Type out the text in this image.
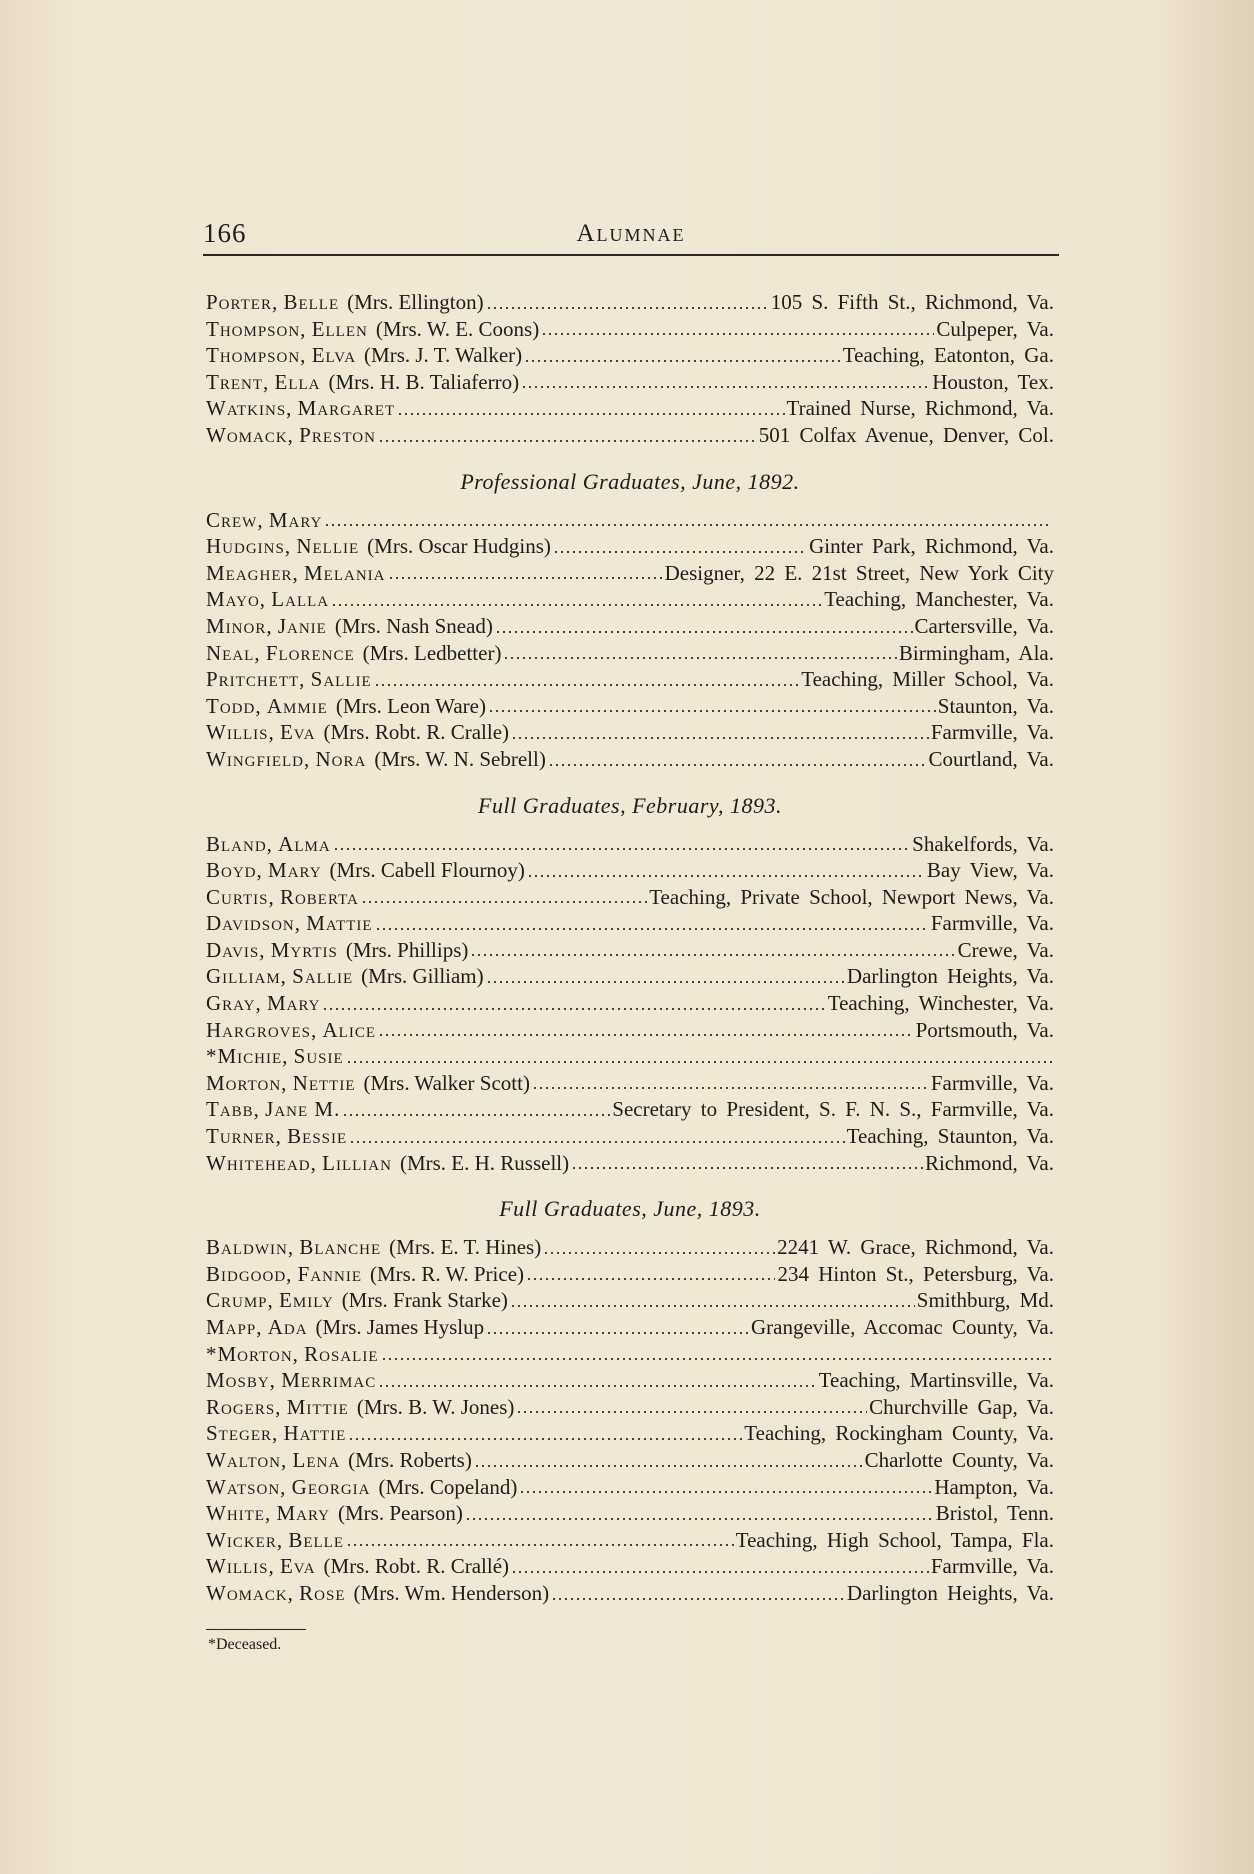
166	Alumnae
Porter, Belle (Mrs. Ellington)	105 S. Fifth St., Richmond, Va.
Thompson, Ellen (Mrs. W. E. Coons)	Culpeper, Va.
Thompson, Elva (Mrs. J. T. Walker)	Teaching, Eatonton, Ga.
Trent, Ella (Mrs. H. B. Taliaferro)	Houston, Tex.
Watkins, Margaret	Trained Nurse, Richmond, Va.
Womack, Preston	501 Colfax Avenue, Denver, Col.
Professional Graduates, June, 1892.
Crew, Mary
Hudgins, Nellie (Mrs. Oscar Hudgins)	Ginter Park, Richmond, Va.
Meagher, Melania	Designer, 22 E. 21st Street, New York City
Mayo, Lalla	Teaching, Manchester, Va.
Minor, Janie (Mrs. Nash Snead)	Cartersville, Va.
Neal, Florence (Mrs. Ledbetter)	Birmingham, Ala.
Pritchett, Sallie	Teaching, Miller School, Va.
Todd, Ammie (Mrs. Leon Ware)	Staunton, Va.
Willis, Eva (Mrs. Robt. R. Cralle)	Farmville, Va.
Wingfield, Nora (Mrs. W. N. Sebrell)	Courtland, Va.
Full Graduates, February, 1893.
Bland, Alma	Shakelfords, Va.
Boyd, Mary (Mrs. Cabell Flournoy)	Bay View, Va.
Curtis, Roberta	Teaching, Private School, Newport News, Va.
Davidson, Mattie	Farmville, Va.
Davis, Myrtis (Mrs. Phillips)	Crewe, Va.
Gilliam, Sallie (Mrs. Gilliam)	Darlington Heights, Va.
Gray, Mary	Teaching, Winchester, Va.
Hargroves, Alice	Portsmouth, Va.
*Michie, Susie
Morton, Nettie (Mrs. Walker Scott)	Farmville, Va.
Tabb, Jane M.	Secretary to President, S. F. N. S., Farmville, Va.
Turner, Bessie	Teaching, Staunton, Va.
Whitehead, Lillian (Mrs. E. H. Russell)	Richmond, Va.
Full Graduates, June, 1893.
Baldwin, Blanche (Mrs. E. T. Hines)	2241 W. Grace, Richmond, Va.
Bidgood, Fannie (Mrs. R. W. Price)	234 Hinton St., Petersburg, Va.
Crump, Emily (Mrs. Frank Starke)	Smithburg, Md.
Mapp, Ada (Mrs. James Hyslup	Grangeville, Accomac County, Va.
*Morton, Rosalie
Mosby, Merrimac	Teaching, Martinsville, Va.
Rogers, Mittie (Mrs. B. W. Jones)	Churchville Gap, Va.
Steger, Hattie	Teaching, Rockingham County, Va.
Walton, Lena (Mrs. Roberts)	Charlotte County, Va.
Watson, Georgia (Mrs. Copeland)	Hampton, Va.
White, Mary (Mrs. Pearson)	Bristol, Tenn.
Wicker, Belle	Teaching, High School, Tampa, Fla.
Willis, Eva (Mrs. Robt. R. Crallé)	Farmville, Va.
Womack, Rose (Mrs. Wm. Henderson)	Darlington Heights, Va.
*Deceased.
